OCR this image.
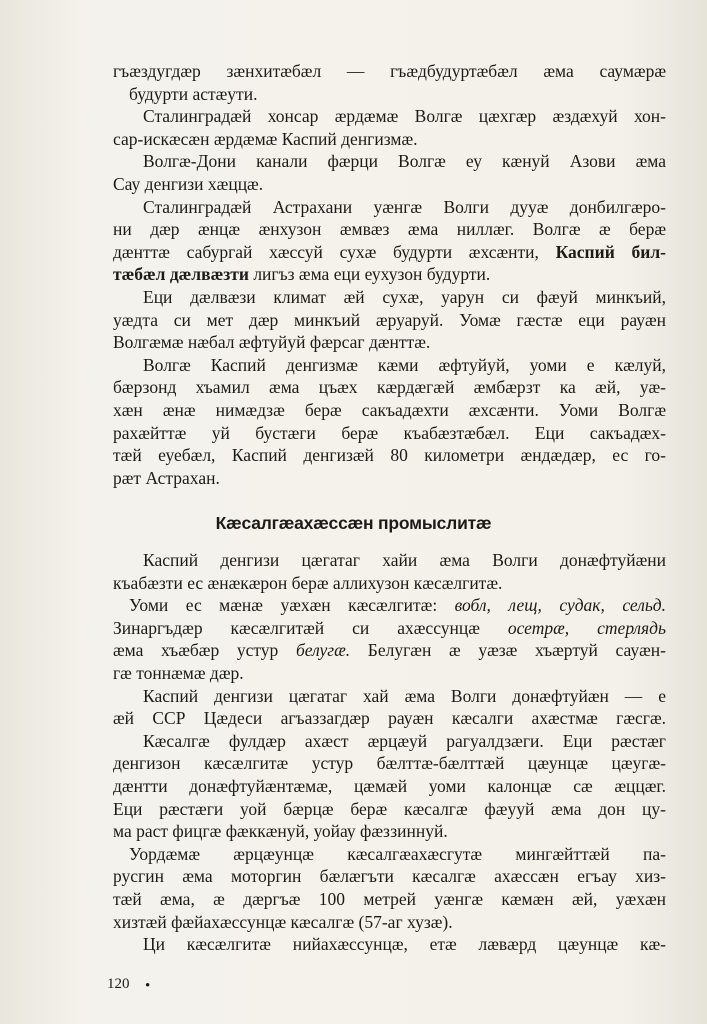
гъæздугдæр зæнхитæбæл — гъæдбудуртæбæл æма саумæрæ
будурти астæути.
Сталинградæй хонсар æрдæмæ Волгæ цæхгæр æздæхуй хон-
сар-искæсæн æрдæмæ Каспий денгизмæ.
Волгæ-Дони канали фæрци Волгæ еу кæнуй Азови æма
Сау денгизи хæццæ.
Сталинградæй Астрахани уæнгæ Волги дууæ донбилгæро-
ни дæр æнцæ æнхузон æмвæз æма ниллæг. Волгæ æ берæ
дæнттæ сабургай хæссуй сухæ будурти æхсæнти, Каспий бил-
тæбæл дæлвæзти лигъз æма еци еухузон будурти.
Еци дæлвæзи климат æй сухæ, уарун си фæуй минкъий,
уæдта си мет дæр минкъий æруаруй. Уомæ гæстæ еци рауæн
Волгæмæ нæбал æфтуйуй фæрсаг дæнттæ.
Волгæ Каспий денгизмæ кæми æфтуйуй, уоми е кæлуй,
бæрзонд хъамил æма цъæх кæрдæгæй æмбæрзт ка æй, уæ-
хæн æнæ нимæдзæ берæ сакъадæхти æхсæнти. Уоми Волгæ
рахæйттæ уй бустæги берæ къабæзтæбæл. Еци сакъадæх-
тæй еуебæл, Каспий денгизæй 80 километри æндæдæр, ес го-
рæт Астрахан.
Кæсалгæахæссæн промыслитæ
Каспий денгизи цæгатаг хайи æма Волги донæфтуйæни
къабæзти ес æнæкæрон берæ аллихузон кæсæлгитæ.
Уоми ес мæнæ уæхæн кæсæлгитæ: вобл, лещ, судак, сельд.
Зинаргъдæр кæсæлгитæй си ахæссунцæ осетрæ, стерлядь
æма хъæбæр устур белугæ. Белугæн æ уæзæ хъæртуй сауæн-
гæ тоннæмæ дæр.
Каспий денгизи цæгатаг хай æма Волги донæфтуйæн — е
æй ССР Цæдеси агъаззагдæр рауæн кæсалги ахæстмæ гæсгæ.
Кæсалгæ фулдæр ахæст æрцæуй рагуалдзæги. Еци рæстæг
денгизон кæсæлгитæ устур бæлттæ-бæлттæй цæунцæ цæугæ-
дæнтти донæфтуйæнтæмæ, цæмæй уоми калонцæ сæ æццæг.
Еци рæстæги уой бæрцæ берæ кæсалгæ фæууй æма дон цу-
ма раст фицгæ фæккæнуй, уойау фæззиннуй.
Уордæмæ æрцæунцæ кæсалгæахæсгутæ мингæйттæй па-
русгин æма моторгин бæлæгъти кæсалгæ ахæссæн егъау хиз-
тæй æма, æ дæргъæ 100 метрей уæнгæ кæмæн æй, уæхæн
хизтæй фæйахæссунцæ кæсалгæ (57-аг хузæ).
Ци кæсæлгитæ нийахæссунцæ, етæ лæвæрд цæунцæ кæ-
120 •
